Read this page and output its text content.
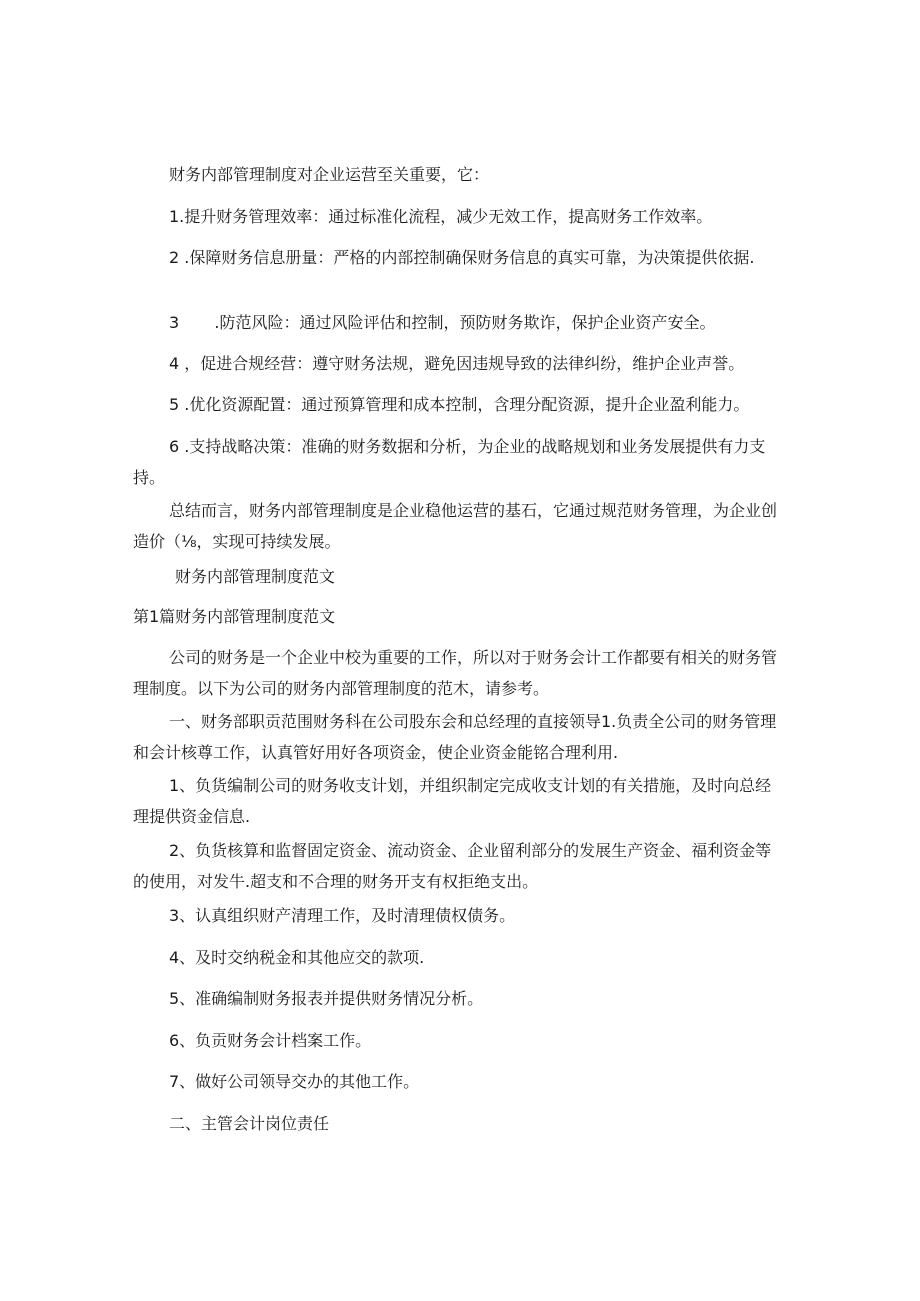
财务内部管理制度对企业运营至关重要，它：

1.提升财务管理效率：通过标准化流程，减少无效工作，提高财务工作效率。

2 .保障财务信息册量：严格的内部控制确保财务信息的真实可靠，为决策提供依据.

3	.防范风险：通过风险评估和控制，预防财务欺诈，保护企业资产安全。

4 ，促进合规经营：遵守财务法规，避免因违规导致的法律纠纷，维护企业声誉。

5 .优化资源配置：通过预算管理和成本控制，含理分配资源，提升企业盈利能力。

6 .支持战略决策：准确的财务数据和分析，为企业的战略规划和业务发展提供有力支持。

总结而言，财务内部管理制度是企业稳他运营的基石，它通过规范财务管理，为企业创造价（⅛，实现可持续发展。

财务内部管理制度范文

第1篇财务内部管理制度范文

公司的财务是一个企业中校为重要的工作，所以对于财务会计工作都要有相关的财务管理制度。以下为公司的财务内部管理制度的范木，请参考。

一、财务部职贡范围财务科在公司股东会和总经理的直接领导1.负责全公司的财务管理和会计核尊工作，认真管好用好各项资金，使企业资金能铭合理利用.

1、负货编制公司的财务收支计划，并组织制定完成收支计划的有关措施，及时向总经理提供资金信息.

2、负货核算和监督固定资金、流动资金、企业留利部分的发展生产资金、福利资金等的使用，对发牛.超支和不合理的财务开支有权拒绝支出。

3、认真组织财产清理工作，及时清理债权债务。

4、及时交纳税金和其他应交的款项.

5、准确编制财务报表并提供财务情况分析。

6、负贡财务会计档案工作。

7、做好公司领导交办的其他工作。

二、主管会计岗位责任
